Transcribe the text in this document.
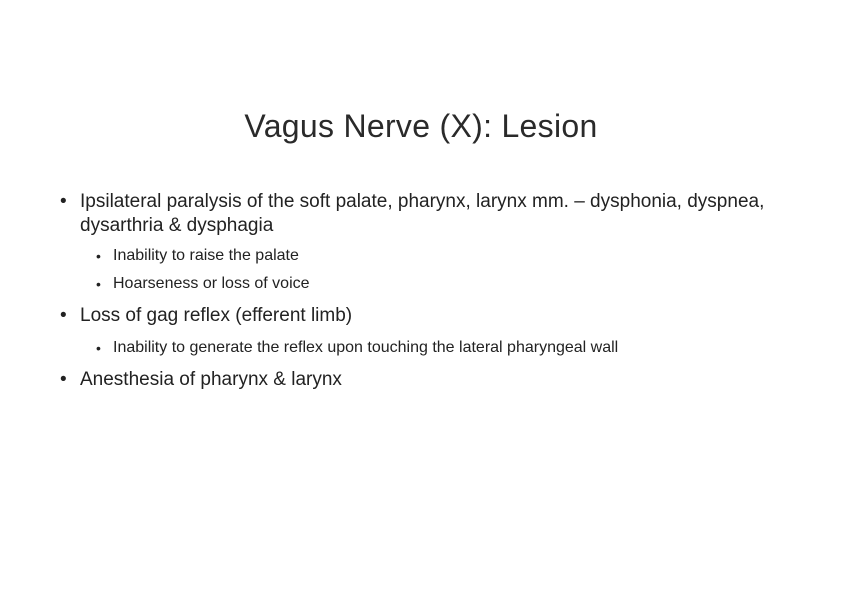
Vagus Nerve (X): Lesion
• Ipsilateral paralysis of the soft palate, pharynx, larynx mm. – dysphonia, dyspnea, dysarthria & dysphagia
• Inability to raise the palate
• Hoarseness or loss of voice
• Loss of gag reflex (efferent limb)
• Inability to generate the reflex upon touching the lateral pharyngeal wall
• Anesthesia of pharynx & larynx
